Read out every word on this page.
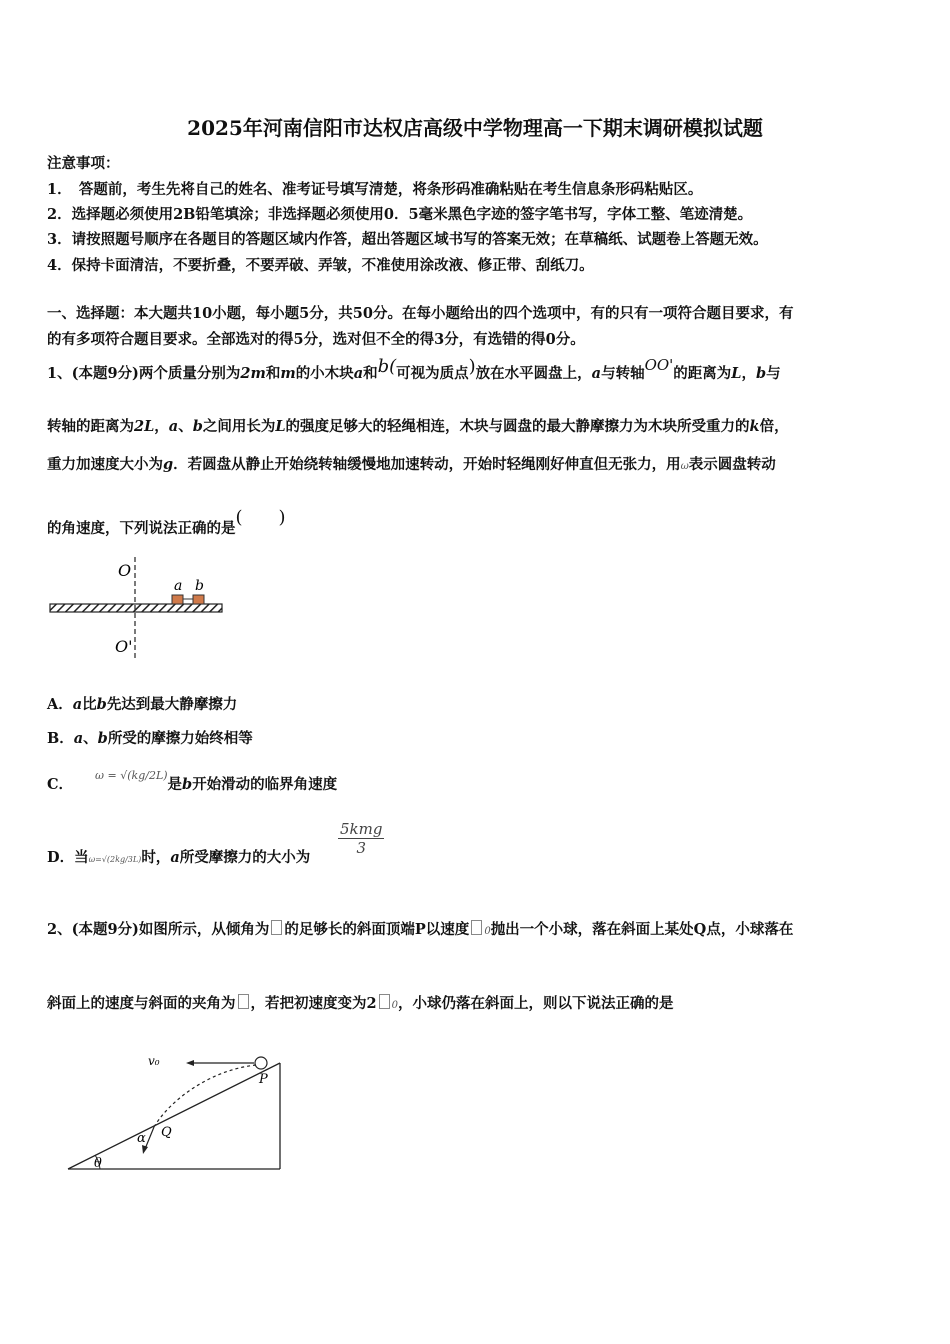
2025年河南信阳市达权店高级中学物理高一下期末调研模拟试题
注意事项：
1．　答题前，考生先将自己的姓名、准考证号填写清楚，将条形码准确粘贴在考生信息条形码粘贴区。
2．选择题必须使用2B铅笔填涂；非选择题必须使用0．5毫米黑色字迹的签字笔书写，字体工整、笔迹清楚。
3．请按照题号顺序在各题目的答题区域内作答，超出答题区域书写的答案无效；在草稿纸、试题卷上答题无效。
4．保持卡面清洁，不要折叠，不要弄破、弄皱，不准使用涂改液、修正带、刮纸刀。
一、选择题：本大题共10小题，每小题5分，共50分。在每小题给出的四个选项中，有的只有一项符合题目要求，有
的有多项符合题目要求。全部选对的得5分，选对但不全的得3分，有选错的得0分。
1、(本题9分)两个质量分别为2m和m的小木块a和b(可视为质点)放在水平圆盘上，a与转轴OO'的距离为L，b与
转轴的距离为2L，a、b之间用长为L的强度足够大的轻绳相连，木块与圆盘的最大静摩擦力为木块所受重力的k倍，
重力加速度大小为g．若圆盘从静止开始绕转轴缓慢地加速转动，开始时轻绳刚好伸直但无张力，用ω表示圆盘转动
的角速度，下列说法正确的是(　　)
O
O'
a b
A．a比b先达到最大静摩擦力
B．a、b所受的摩擦力始终相等
C．ω = √(kg/2L)是b开始滑动的临界角速度
D．当ω=√(2kg/3L)时，a所受摩擦力的大小为
$\frac{\text{5kmg}}{3}$
2、(本题9分)如图所示，从倾角为 的足够长的斜面顶端P以速度 0抛出一个小球，落在斜面上某处Q点，小球落在
斜面上的速度与斜面的夹角为 ，若把初速度变为2 0，小球仍落在斜面上，则以下说法正确的是
v₀
P
Q
α
θ
